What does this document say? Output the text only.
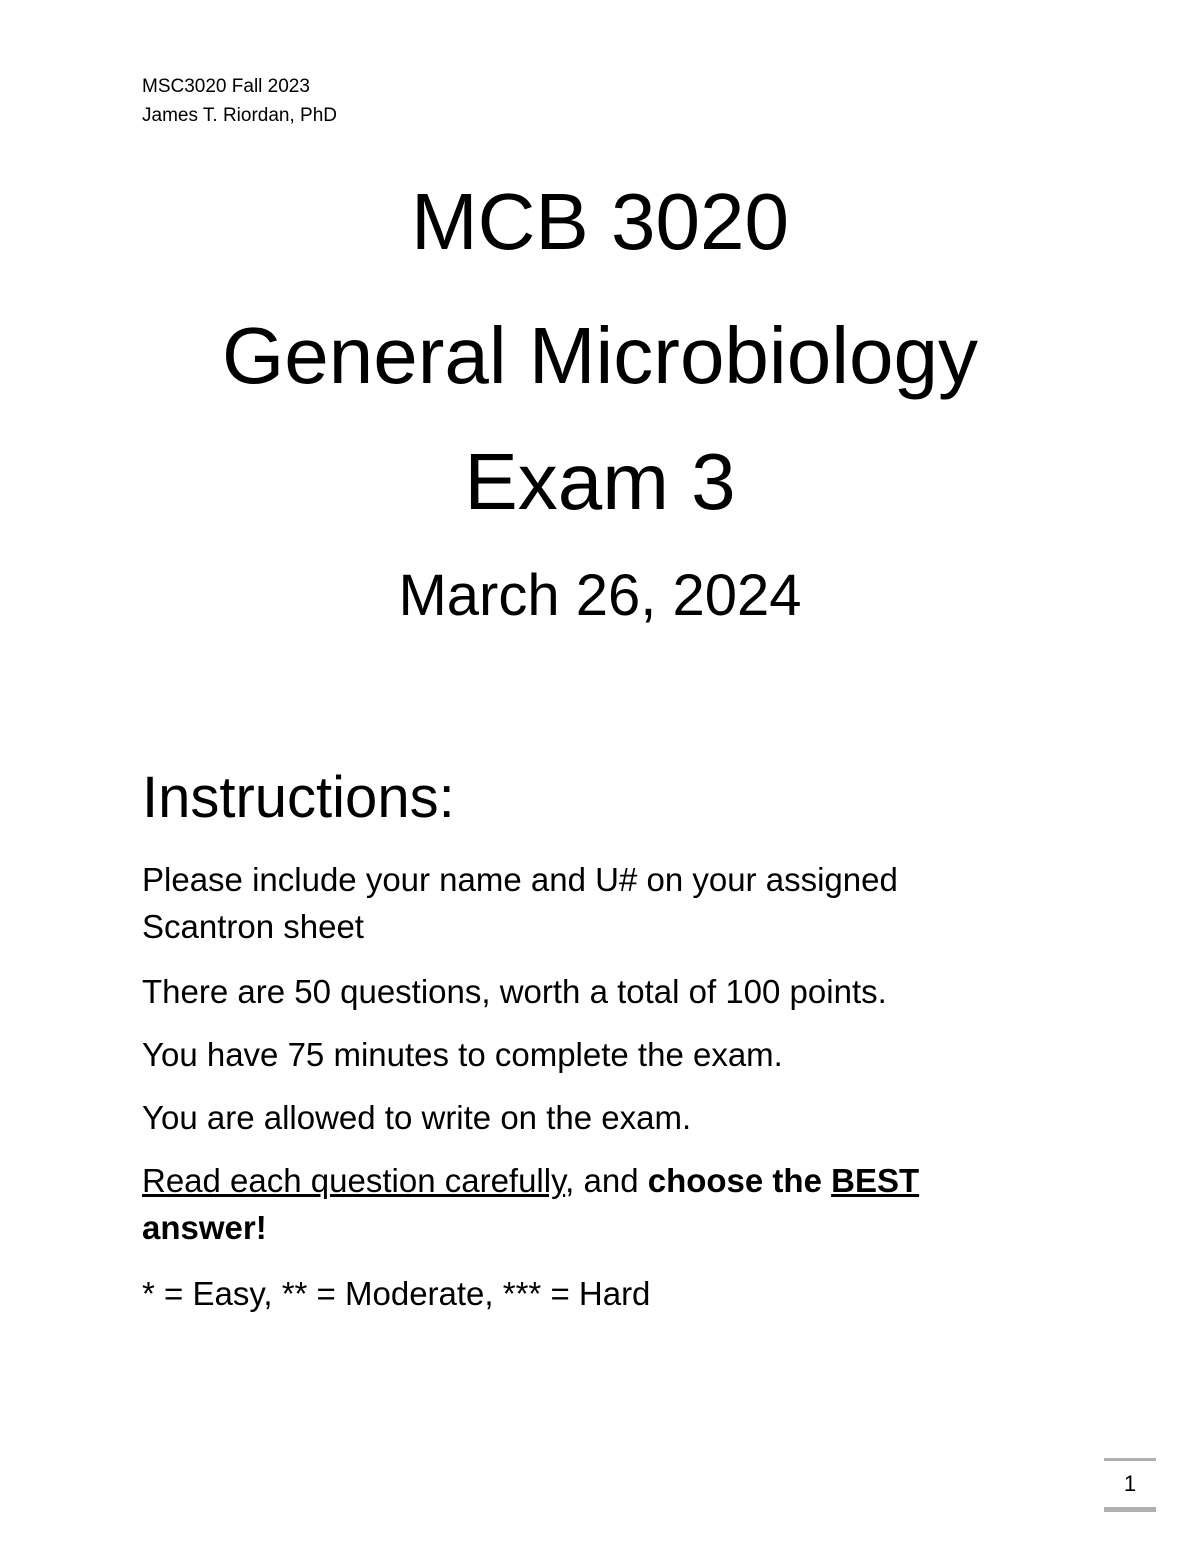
MSC3020 Fall 2023
James T. Riordan, PhD
MCB 3020
General Microbiology
Exam 3
March 26, 2024
Instructions:
Please include your name and U# on your assigned Scantron sheet
There are 50 questions, worth a total of 100 points.
You have 75 minutes to complete the exam.
You are allowed to write on the exam.
Read each question carefully, and choose the BEST answer!
* = Easy, ** = Moderate, *** = Hard
1
